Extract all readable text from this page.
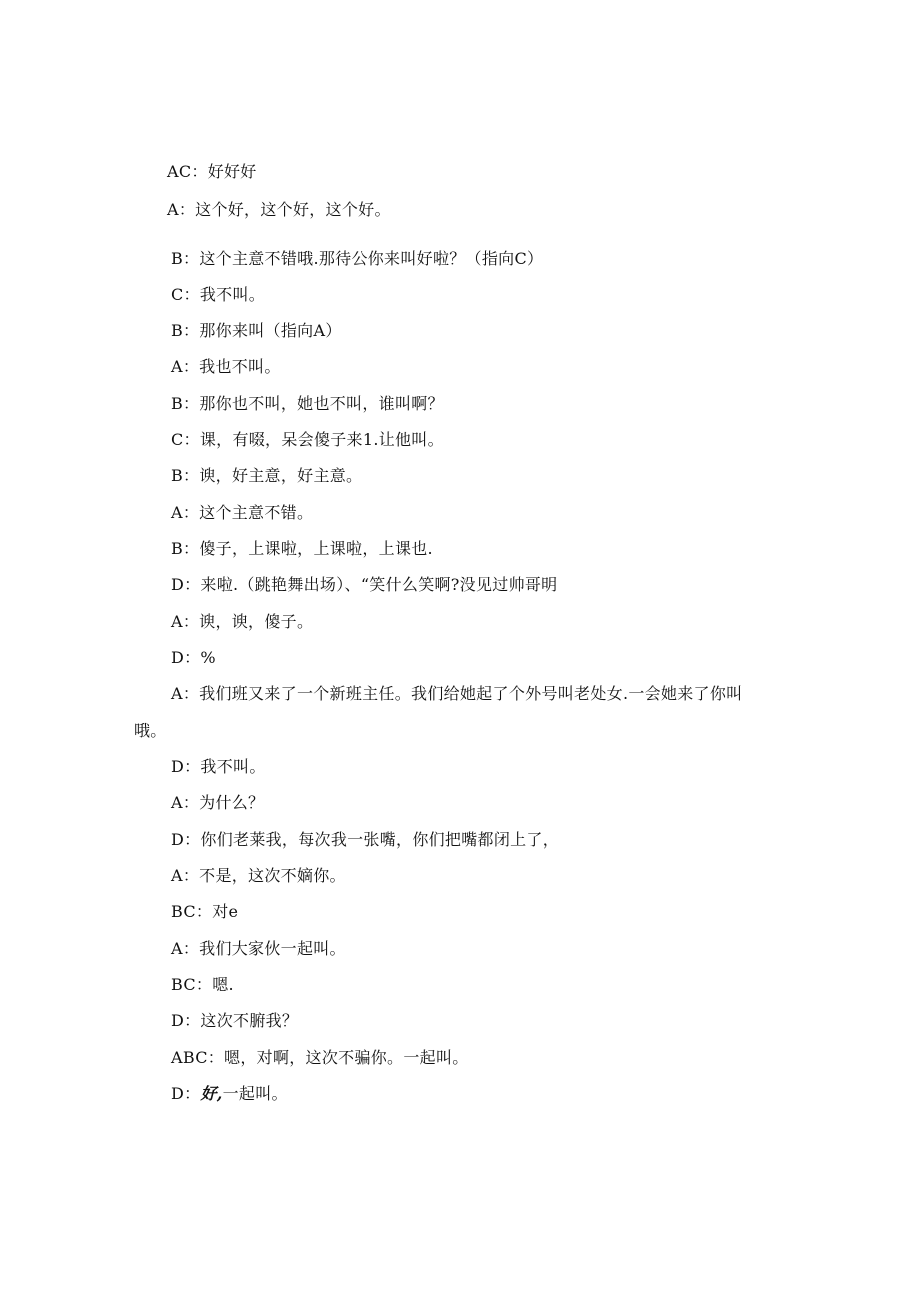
AC：好好好
A：这个好，这个好，这个好。
B：这个主意不错哦.那待公你来叫好啦？（指向C）
C：我不叫。
B：那你来叫（指向A）
A：我也不叫。
B：那你也不叫，她也不叫，谁叫啊？
C：课，有啜，呆会傻子来1.让他叫。
B：谀，好主意，好主意。
A：这个主意不错。
B：傻子，上课啦，上课啦，上课也.
D：来啦.（跳艳舞出场）、“笑什么笑啊?没见过帅哥明
A：谀，谀，傻子。
D：%
A：我们班又来了一个新班主任。我们给她起了个外号叫老处女.一会她来了你叫
哦。
D：我不叫。
A：为什么？
D：你们老莱我，每次我一张嘴，你们把嘴都闭上了，
A：不是，这次不嫡你。
BC：对e
A：我们大家伙一起叫。
BC：嗯.
D：这次不腑我？
ABC：嗯，对啊，这次不骗你。一起叫。
D：好,一起叫。
